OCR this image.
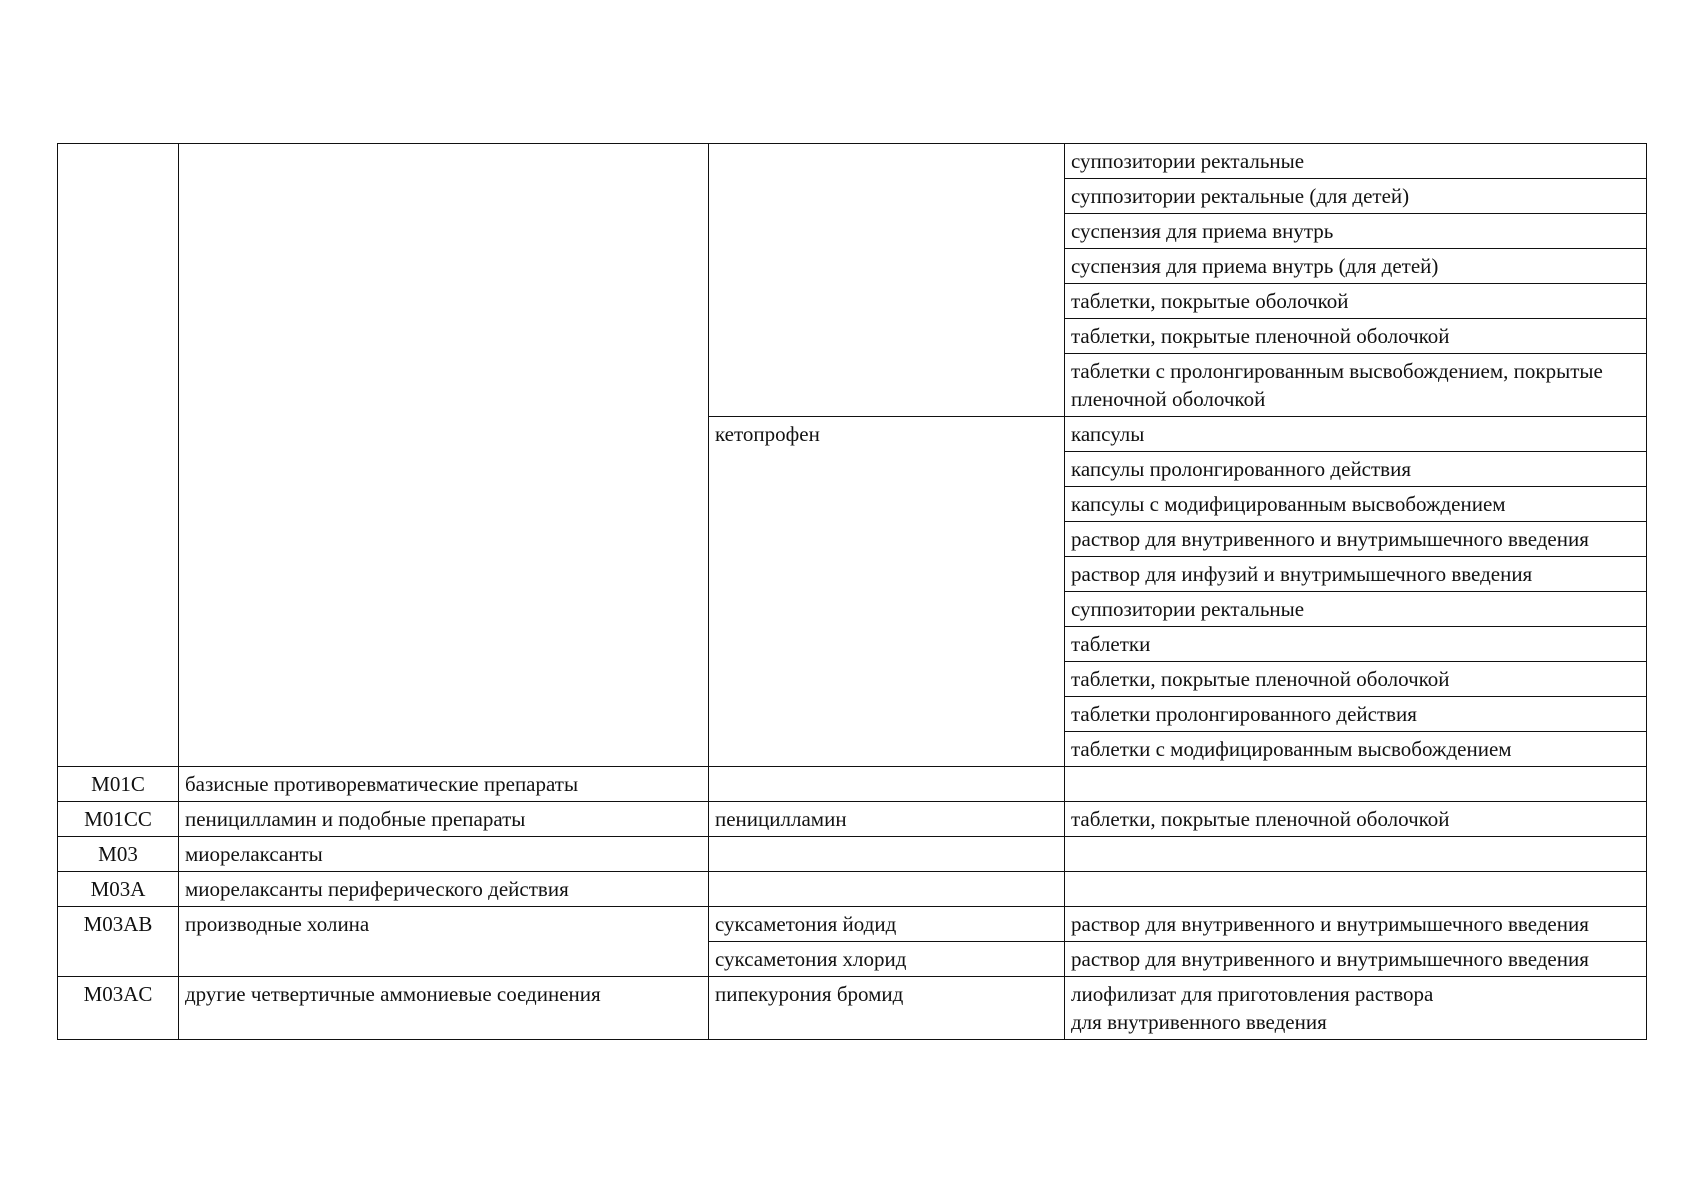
			суппозитории ректальные
			суппозитории ректальные (для детей)
			суспензия для приема внутрь
			суспензия для приема внутрь (для детей)
			таблетки, покрытые оболочкой
			таблетки, покрытые пленочной оболочкой
			таблетки с пролонгированным высвобождением, покрытые пленочной оболочкой
		кетопрофен	капсулы
			капсулы пролонгированного действия
			капсулы с модифицированным высвобождением
			раствор для внутривенного и внутримышечного введения
			раствор для инфузий и внутримышечного введения
			суппозитории ректальные
			таблетки
			таблетки, покрытые пленочной оболочкой
			таблетки пролонгированного действия
			таблетки с модифицированным высвобождением
M01C	базисные противоревматические препараты		
M01CC	пеницилламин и подобные препараты	пеницилламин	таблетки, покрытые пленочной оболочкой
M03	миорелаксанты		
M03A	миорелаксанты периферического действия		
M03AB	производные холина	суксаметония йодид	раствор для внутривенного и внутримышечного введения
		суксаметония хлорид	раствор для внутривенного и внутримышечного введения
M03AC	другие четвертичные аммониевые соединения	пипекурония бромид	лиофилизат для приготовления раствора
для внутривенного введения
